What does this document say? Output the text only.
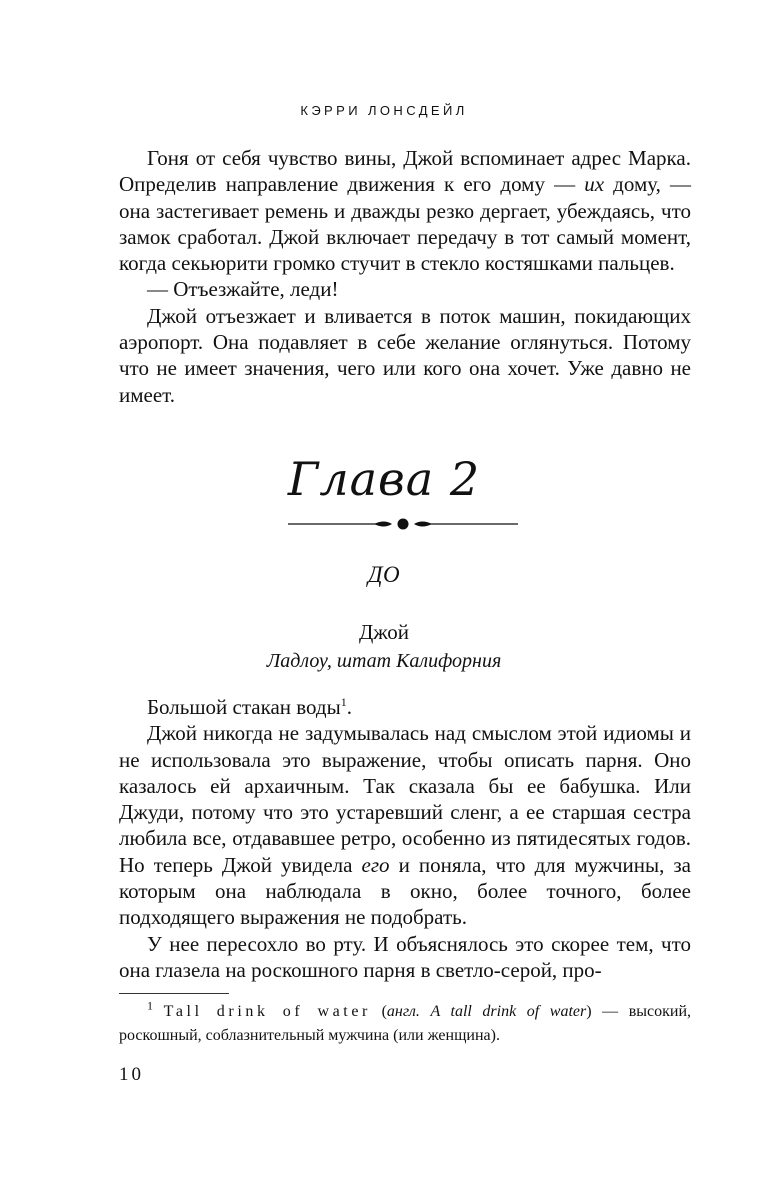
КЭРРИ ЛОНСДЕЙЛ

Гоня от себя чувство вины, Джой вспоминает адрес Марка. Определив направление движения к его дому — их дому, — она застегивает ремень и дважды резко дергает, убеждаясь, что замок сработал. Джой включает передачу в тот самый момент, когда секьюрити громко стучит в стекло костяшками пальцев.

— Отъезжайте, леди!

Джой отъезжает и вливается в поток машин, покидающих аэропорт. Она подавляет в себе желание оглянуться. Потому что не имеет значения, чего или кого она хочет. Уже давно не имеет.

Глава 2
ДО
Джой
Ладлоу, штат Калифорния

Большой стакан воды$^1$.

Джой никогда не задумывалась над смыслом этой идиомы и не использовала это выражение, чтобы описать парня. Оно казалось ей архаичным. Так сказала бы ее бабушка. Или Джуди, потому что это устаревший сленг, а ее старшая сестра любила все, отдававшее ретро, особенно из пятидесятых годов. Но теперь Джой увидела его и поняла, что для мужчины, за которым она наблюдала в окно, более точного, более подходящего выражения не подобрать.

У нее пересохло во рту. И объяснялось это скорее тем, что она глазела на роскошного парня в светло-серой, про-

$^1$ Tall drink of water (англ. A tall drink of water) — высокий, роскошный, соблазнительный мужчина (или женщина).

10
